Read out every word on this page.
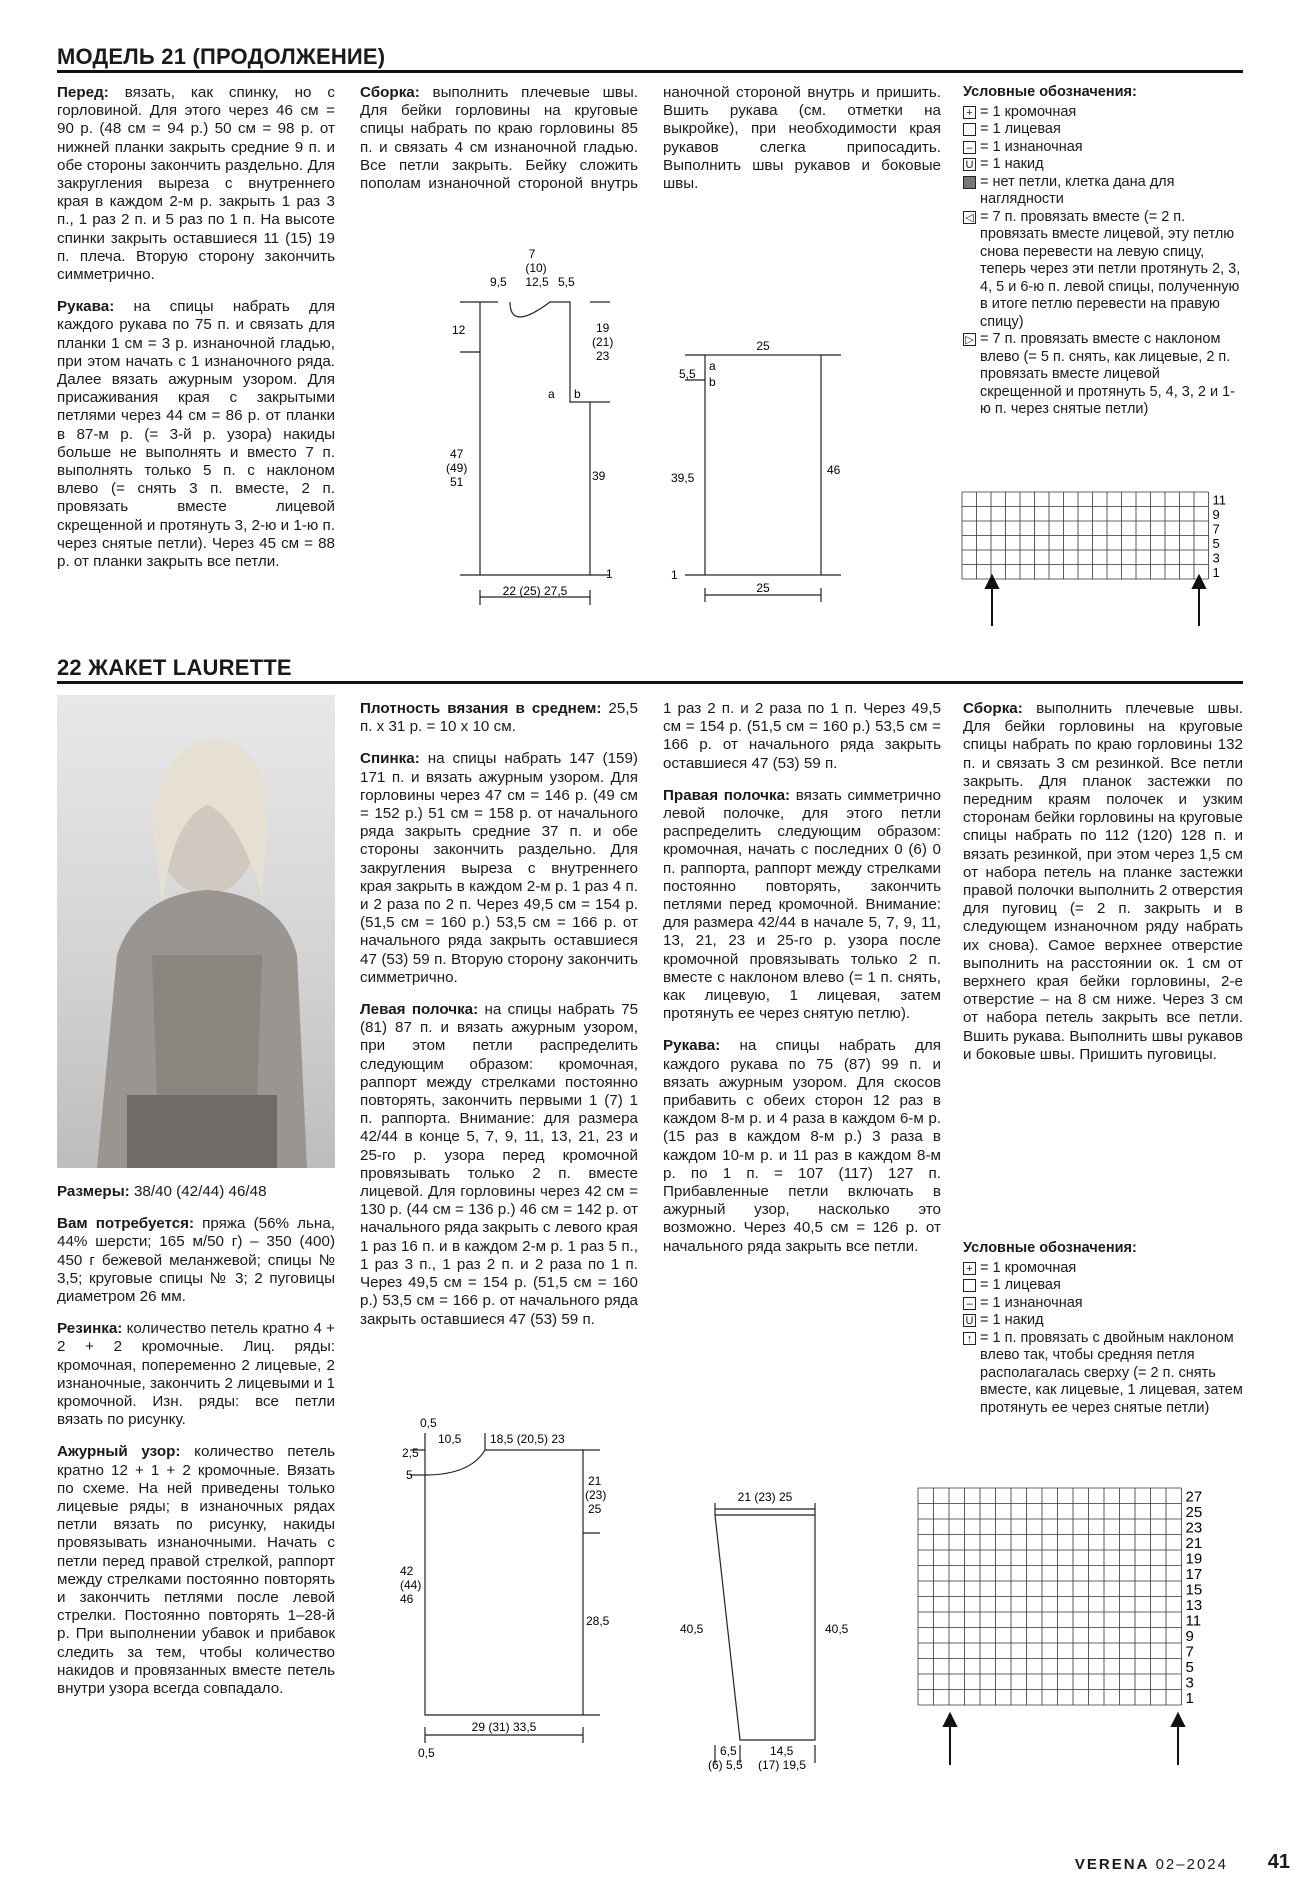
МОДЕЛЬ 21 (ПРОДОЛЖЕНИЕ)

Перед: вязать, как спинку, но с горловиной. Для этого через 46 см = 90 р. (48 см = 94 р.) 50 см = 98 р. от нижней планки закрыть средние 9 п. и обе стороны закончить раздельно. Для закругления выреза с внутреннего края в каждом 2-м р. закрыть 1 раз 3 п., 1 раз 2 п. и 5 раз по 1 п. На высоте спинки закрыть оставшиеся 11 (15) 19 п. плеча. Вторую сторону закончить симметрично.

Рукава: на спицы набрать для каждого рукава по 75 п. и связать для планки 1 см = 3 р. изнаночной гладью, при этом начать с 1 изнаночного ряда. Далее вязать ажурным узором. Для присаживания края с закрытыми петлями через 44 см = 86 р. от планки в 87-м р. (= 3-й р. узора) накиды больше не выполнять и вместо 7 п. выполнять только 5 п. с наклоном влево (= снять 3 п. вместе, 2 п. провязать вместе лицевой скрещенной и протянуть 3, 2-ю и 1-ю п. через снятые петли). Через 45 см = 88 р. от планки закрыть все петли.

Сборка: выполнить плечевые швы. Для бейки горловины на круговые спицы набрать по краю горловины 85 п. и связать 4 см изнаночной гладью. Все петли закрыть. Бейку сложить пополам изнаночной стороной внутрь
наночной стороной внутрь и пришить. Вшить рукава (см. отметки на выкройке), при необходимости края рукавов слегка припосадить. Выполнить швы рукавов и боковые швы.
Условные обозначения:
+ = 1 кромочная
= 1 лицевая
– = 1 изнаночная
U = 1 накид
= нет петли, клетка дана для наглядности
◁ = 7 п. провязать вместе (= 2 п. провязать вместе лицевой, эту петлю снова перевести на левую спицу, теперь через эти петли протянуть 2, 3, 4, 5 и 6-ю п. левой спицы, полученную в итоге петлю перевести на правую спицу)
▷ = 7 п. провязать вместе с наклоном влево (= 5 п. снять, как лицевые, 2 п. провязать вместе лицевой скрещенной и протянуть 5, 4, 3, 2 и 1-ю п. через снятые петли)
7
(10)
12,5
9,5	5,5
12	19
(21)
23
a b
47
(49)
51	39
22 (25) 27,5
1
25
5,5
a
b
39,5
46
25
1
11
9
7
5
3
1
22 ЖАКЕТ LAURETTE

Размеры: 38/40 (42/44) 46/48

Вам потребуется: пряжа (56% льна, 44% шерсти; 165 м/50 г) – 350 (400) 450 г бежевой меланжевой; спицы № 3,5; круговые спицы № 3; 2 пуговицы диаметром 26 мм.

Резинка: количество петель кратно 4 + 2 + 2 кромочные. Лиц. ряды: кромочная, попеременно 2 лицевые, 2 изнаночные, закончить 2 лицевыми и 1 кромочной. Изн. ряды: все петли вязать по рисунку.

Ажурный узор: количество петель кратно 12 + 1 + 2 кромочные. Вязать по схеме. На ней приведены только лицевые ряды; в изнаночных рядах петли вязать по рисунку, накиды провязывать изнаночными. Начать с петли перед правой стрелкой, раппорт между стрелками постоянно повторять и закончить петлями после левой стрелки. Постоянно повторять 1–28-й р. При выполнении убавок и прибавок следить за тем, чтобы количество накидов и провязанных вместе петель внутри узора всегда совпадало.

Плотность вязания в среднем: 25,5 п. х 31 р. = 10 х 10 см.

Спинка: на спицы набрать 147 (159) 171 п. и вязать ажурным узором. Для горловины через 47 см = 146 р. (49 см = 152 р.) 51 см = 158 р. от начального ряда закрыть средние 37 п. и обе стороны закончить раздельно. Для закругления выреза с внутреннего края закрыть в каждом 2-м р. 1 раз 4 п. и 2 раза по 2 п. Через 49,5 см = 154 р. (51,5 см = 160 р.) 53,5 см = 166 р. от начального ряда закрыть оставшиеся 47 (53) 59 п. Вторую сторону закончить симметрично.

Левая полочка: на спицы набрать 75 (81) 87 п. и вязать ажурным узором, при этом петли распределить следующим образом: кромочная, раппорт между стрелками постоянно повторять, закончить первыми 1 (7) 1 п. раппорта. Внимание: для размера 42/44 в конце 5, 7, 9, 11, 13, 21, 23 и 25-го р. узора перед кромочной провязывать только 2 п. вместе лицевой. Для горловины через 42 см = 130 р. (44 см = 136 р.) 46 см = 142 р. от начального ряда закрыть с левого края 1 раз 16 п. и в каждом 2-м р. 1 раз 5 п., 1 раз 3 п., 1 раз 2 п. и 2 раза по 1 п. Через 49,5 см = 154 р. (51,5 см = 160 р.) 53,5 см = 166 р. от начального ряда закрыть оставшиеся 47 (53) 59 п.

1 раз 2 п. и 2 раза по 1 п. Через 49,5 см = 154 р. (51,5 см = 160 р.) 53,5 см = 166 р. от начального ряда закрыть оставшиеся 47 (53) 59 п.

Правая полочка: вязать симметрично левой полочке, для этого петли распределить следующим образом: кромочная, начать с последних 0 (6) 0 п. раппорта, раппорт между стрелками постоянно повторять, закончить петлями перед кромочной. Внимание: для размера 42/44 в начале 5, 7, 9, 11, 13, 21, 23 и 25-го р. узора после кромочной провязывать только 2 п. вместе с наклоном влево (= 1 п. снять, как лицевую, 1 лицевая, затем протянуть ее через снятую петлю).

Рукава: на спицы набрать для каждого рукава по 75 (87) 99 п. и вязать ажурным узором. Для скосов прибавить с обеих сторон 12 раз в каждом 8-м р. и 4 раза в каждом 6-м р. (15 раз в каждом 8-м р.) 3 раза в каждом 10-м р. и 11 раз в каждом 8-м р. по 1 п. = 107 (117) 127 п. Прибавленные петли включать в ажурный узор, насколько это возможно. Через 40,5 см = 126 р. от начального ряда закрыть все петли.

Сборка: выполнить плечевые швы. Для бейки горловины на круговые спицы набрать по краю горловины 132 п. и связать 3 см резинкой. Все петли закрыть. Для планок застежки по передним краям полочек и узким сторонам бейки горловины на круговые спицы набрать по 112 (120) 128 п. и вязать резинкой, при этом через 1,5 см от набора петель на планке застежки правой полочки выполнить 2 отверстия для пуговиц (= 2 п. закрыть и в следующем изнаночном ряду набрать их снова). Самое верхнее отверстие выполнить на расстоянии ок. 1 см от верхнего края бейки горловины, 2-е отверстие – на 8 см ниже. Через 3 см от набора петель закрыть все петли. Вшить рукава. Выполнить швы рукавов и боковые швы. Пришить пуговицы.

Условные обозначения:
+ = 1 кромочная
= 1 лицевая
– = 1 изнаночная
U = 1 накид
↑ = 1 п. провязать с двойным наклоном влево так, чтобы средняя петля располагалась сверху (= 2 п. снять вместе, как лицевые, 1 лицевая, затем протянуть ее через снятые петли)
0,5
10,5 18,5 (20,5) 23
2,5
5	21
(23)
25
42
(44)
46
28,5
29 (31) 33,5
0,5
21 (23) 25
40,5	40,5
6,5	14,5
(6) 5,5 (17) 19,5
27
25
23
21
19
17
15
13
11
9
7
5
3
1
VERENA 02–2024 41
